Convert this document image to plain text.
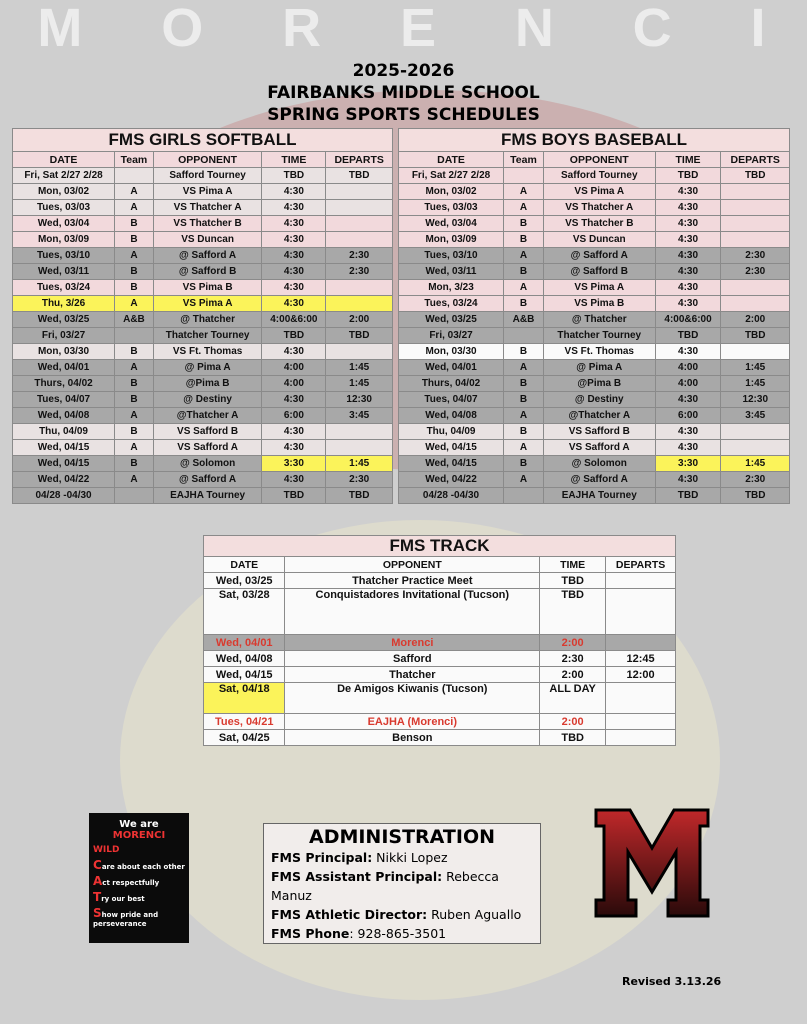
M O R E N C I
2025-2026
FAIRBANKS MIDDLE SCHOOL
SPRING SPORTS SCHEDULES
FMS GIRLS SOFTBALL				
DATE	Team	OPPONENT	TIME	DEPARTS
Fri, Sat 2/27 2/28		Safford Tourney	TBD	TBD
Mon, 03/02	A	VS Pima A	4:30	
Tues, 03/03	A	VS Thatcher A	4:30	
Wed, 03/04	B	VS Thatcher B	4:30	
Mon, 03/09	B	VS Duncan	4:30	
Tues, 03/10	A	@ Safford A	4:30	2:30
Wed, 03/11	B	@ Safford B	4:30	2:30
Tues, 03/24	B	VS Pima B	4:30	
Thu, 3/26	A	VS Pima A	4:30	
Wed, 03/25	A&B	@ Thatcher	4:00&6:00	2:00
Fri, 03/27		Thatcher Tourney	TBD	TBD
Mon, 03/30	B	VS Ft. Thomas	4:30	
Wed, 04/01	A	@ Pima A	4:00	1:45
Thurs, 04/02	B	@Pima B	4:00	1:45
Tues, 04/07	B	@ Destiny	4:30	12:30
Wed, 04/08	A	@Thatcher A	6:00	3:45
Thu, 04/09	B	VS Safford B	4:30	
Wed, 04/15	A	VS Safford A	4:30	
Wed, 04/15	B	@ Solomon	3:30	1:45
Wed, 04/22	A	@ Safford A	4:30	2:30
04/28 -04/30		EAJHA Tourney	TBD	TBD
FMS BOYS BASEBALL				
DATE	Team	OPPONENT	TIME	DEPARTS
Fri, Sat 2/27 2/28		Safford Tourney	TBD	TBD
Mon, 03/02	A	VS Pima A	4:30	
Tues, 03/03	A	VS Thatcher A	4:30	
Wed, 03/04	B	VS Thatcher B	4:30	
Mon, 03/09	B	VS Duncan	4:30	
Tues, 03/10	A	@ Safford A	4:30	2:30
Wed, 03/11	B	@ Safford B	4:30	2:30
Mon, 3/23	A	VS Pima A	4:30	
Tues, 03/24	B	VS Pima B	4:30	
Wed, 03/25	A&B	@ Thatcher	4:00&6:00	2:00
Fri, 03/27		Thatcher Tourney	TBD	TBD
Mon, 03/30	B	VS Ft. Thomas	4:30	
Wed, 04/01	A	@ Pima A	4:00	1:45
Thurs, 04/02	B	@Pima B	4:00	1:45
Tues, 04/07	B	@ Destiny	4:30	12:30
Wed, 04/08	A	@Thatcher A	6:00	3:45
Thu, 04/09	B	VS Safford B	4:30	
Wed, 04/15	A	VS Safford A	4:30	
Wed, 04/15	B	@ Solomon	3:30	1:45
Wed, 04/22	A	@ Safford A	4:30	2:30
04/28 -04/30		EAJHA Tourney	TBD	TBD
FMS TRACK			
DATE	OPPONENT	TIME	DEPARTS
Wed, 03/25	Thatcher Practice Meet	TBD	
Sat, 03/28	Conquistadores Invitational (Tucson)	TBD	
Wed, 04/01	Morenci	2:00	
Wed, 04/08	Safford	2:30	12:45
Wed, 04/15	Thatcher	2:00	12:00
Sat, 04/18	De Amigos Kiwanis (Tucson)	ALL DAY	
Tues, 04/21	EAJHA (Morenci)	2:00	
Sat, 04/25	Benson	TBD	
We are
MORENCI
WILD
Care about each other
Act respectfully
Try our best
Show pride and perseverance
ADMINISTRATION
FMS Principal: Nikki Lopez
FMS Assistant Principal: Rebecca Manuz
FMS Athletic Director: Ruben Aguallo
FMS Phone: 928-865-3501
Revised 3.13.26
